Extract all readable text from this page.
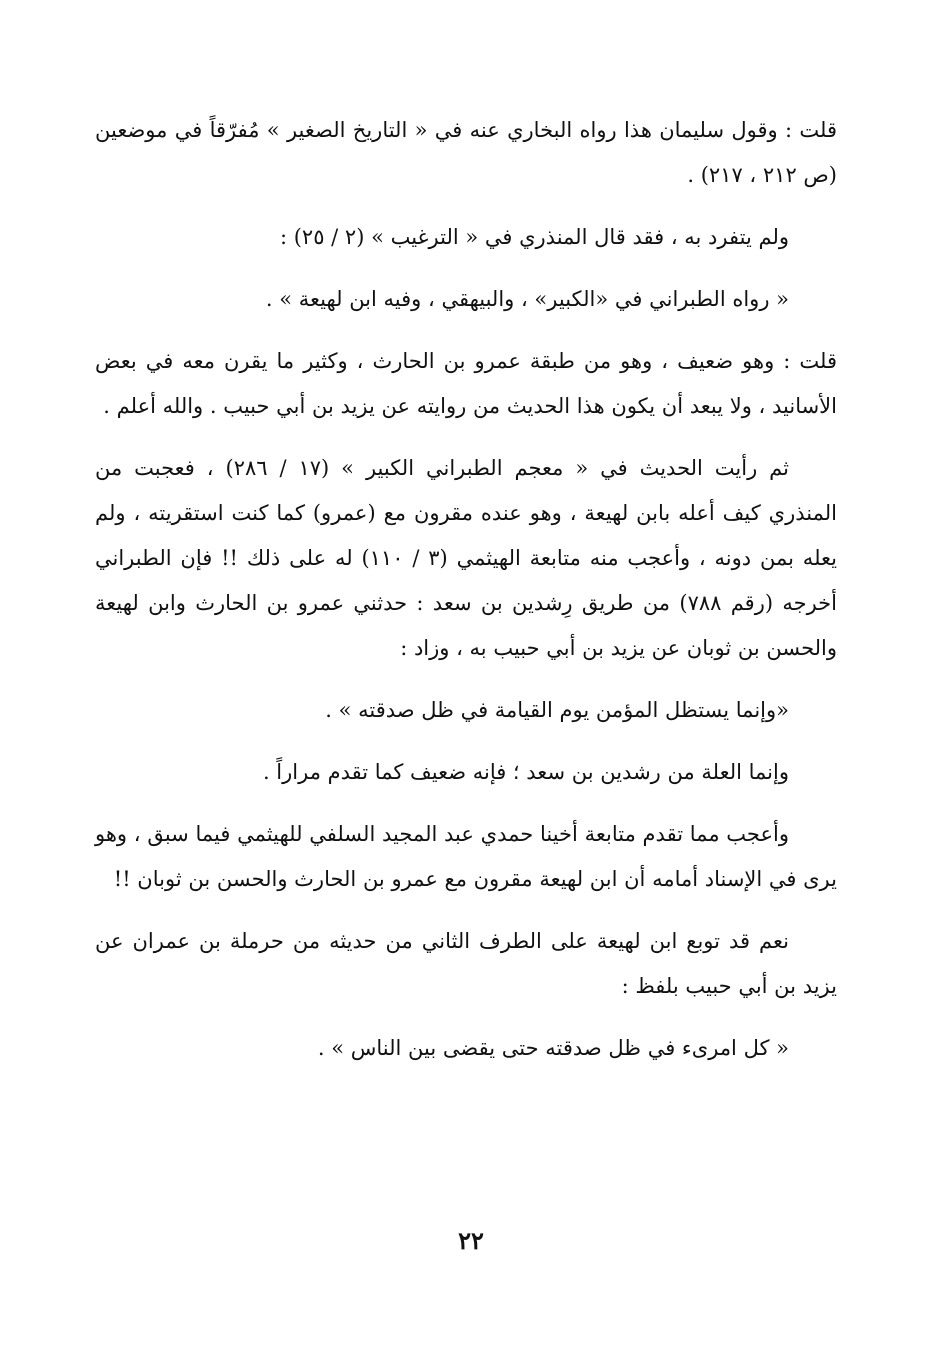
قلت : وقول سليمان هذا رواه البخاري عنه في « التاريخ الصغير » مُفرّقاً في موضعين (ص ٢١٢ ، ٢١٧) .

ولم يتفرد به ، فقد قال المنذري في « الترغيب » (٢ / ٢٥) :

« رواه الطبراني في «الكبير» ، والبيهقي ، وفيه ابن لهيعة » .

قلت : وهو ضعيف ، وهو من طبقة عمرو بن الحارث ، وكثير ما يقرن معه في بعض الأسانيد ، ولا يبعد أن يكون هذا الحديث من روايته عن يزيد بن أبي حبيب . والله أعلم .

ثم رأيت الحديث في « معجم الطبراني الكبير » (١٧ / ٢٨٦) ، فعجبت من المنذري كيف أعله بابن لهيعة ، وهو عنده مقرون مع (عمرو) كما كنت استقريته ، ولم يعله بمن دونه ، وأعجب منه متابعة الهيثمي (٣ / ١١٠) له على ذلك !! فإن الطبراني أخرجه (رقم ٧٨٨) من طريق رِشدين بن سعد : حدثني عمرو بن الحارث وابن لهيعة والحسن بن ثوبان عن يزيد بن أبي حبيب به ، وزاد :

«وإنما يستظل المؤمن يوم القيامة في ظل صدقته » .

وإنما العلة من رشدين بن سعد ؛ فإنه ضعيف كما تقدم مراراً .

وأعجب مما تقدم متابعة أخينا حمدي عبد المجيد السلفي للهيثمي فيما سبق ، وهو يرى في الإسناد أمامه أن ابن لهيعة مقرون مع عمرو بن الحارث والحسن بن ثوبان !!

نعم قد توبع ابن لهيعة على الطرف الثاني من حديثه من حرملة بن عمران عن يزيد بن أبي حبيب بلفظ :

« كل امرىء في ظل صدقته حتى يقضى بين الناس » .

٢٢
